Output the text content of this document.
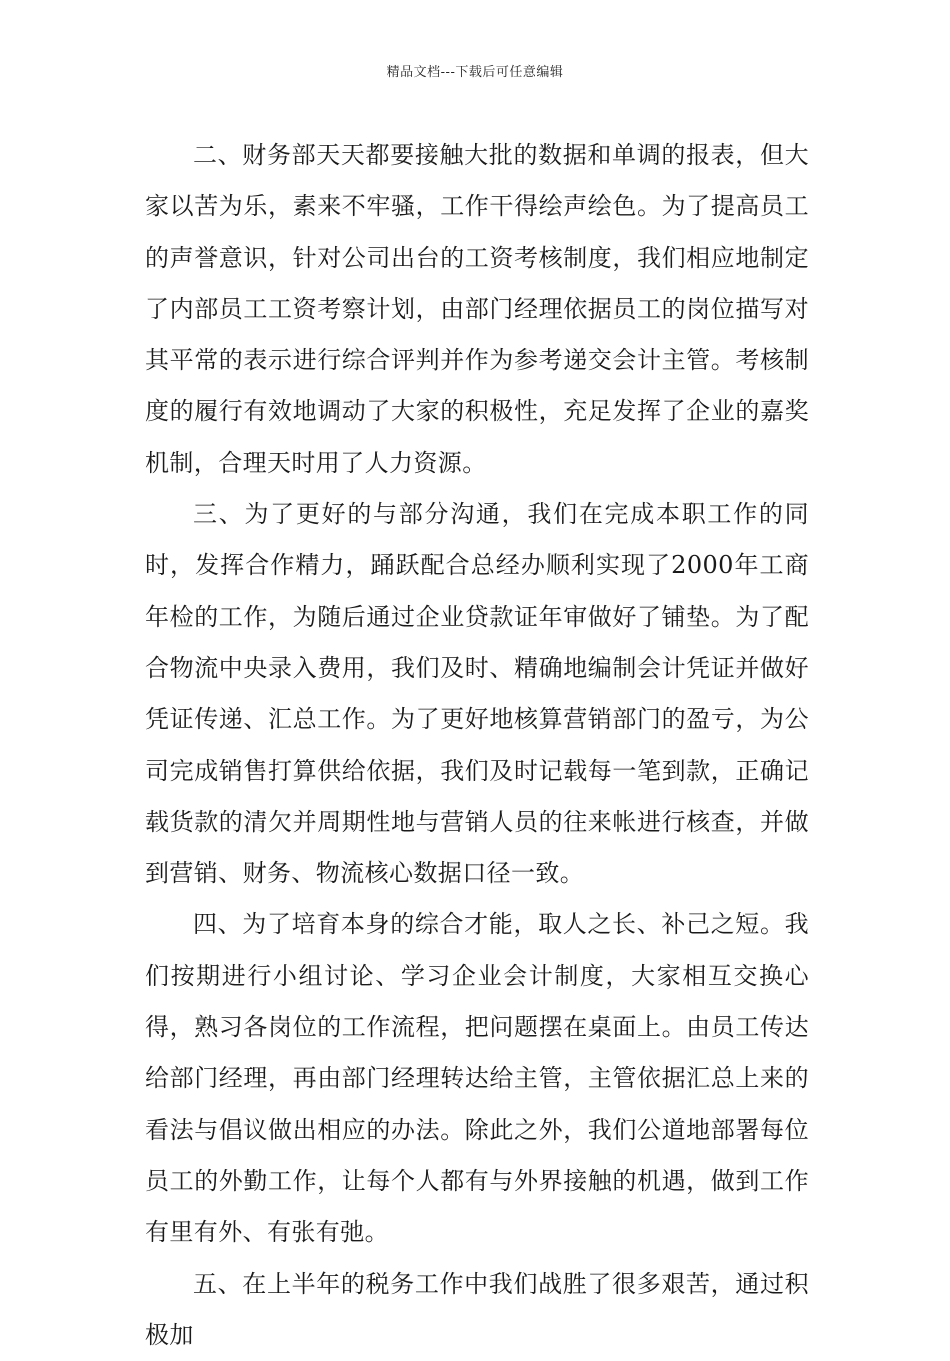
精品文档---下载后可任意编辑

二、财务部天天都要接触大批的数据和单调的报表，但大家以苦为乐，素来不牢骚，工作干得绘声绘色。为了提高员工的声誉意识，针对公司出台的工资考核制度，我们相应地制定了内部员工工资考察计划，由部门经理依据员工的岗位描写对其平常的表示进行综合评判并作为参考递交会计主管。考核制度的履行有效地调动了大家的积极性，充足发挥了企业的嘉奖机制，合理天时用了人力资源。

三、为了更好的与部分沟通，我们在完成本职工作的同时，发挥合作精力，踊跃配合总经办顺利实现了2000年工商年检的工作，为随后通过企业贷款证年审做好了铺垫。为了配合物流中央录入费用，我们及时、精确地编制会计凭证并做好凭证传递、汇总工作。为了更好地核算营销部门的盈亏，为公司完成销售打算供给依据，我们及时记载每一笔到款，正确记载货款的清欠并周期性地与营销人员的往来帐进行核查，并做到营销、财务、物流核心数据口径一致。

四、为了培育本身的综合才能，取人之长、补己之短。我们按期进行小组讨论、学习企业会计制度，大家相互交换心得，熟习各岗位的工作流程，把问题摆在桌面上。由员工传达给部门经理，再由部门经理转达给主管，主管依据汇总上来的看法与倡议做出相应的办法。除此之外，我们公道地部署每位员工的外勤工作，让每个人都有与外界接触的机遇，做到工作有里有外、有张有弛。

五、在上半年的税务工作中我们战胜了很多艰苦，通过积极加
